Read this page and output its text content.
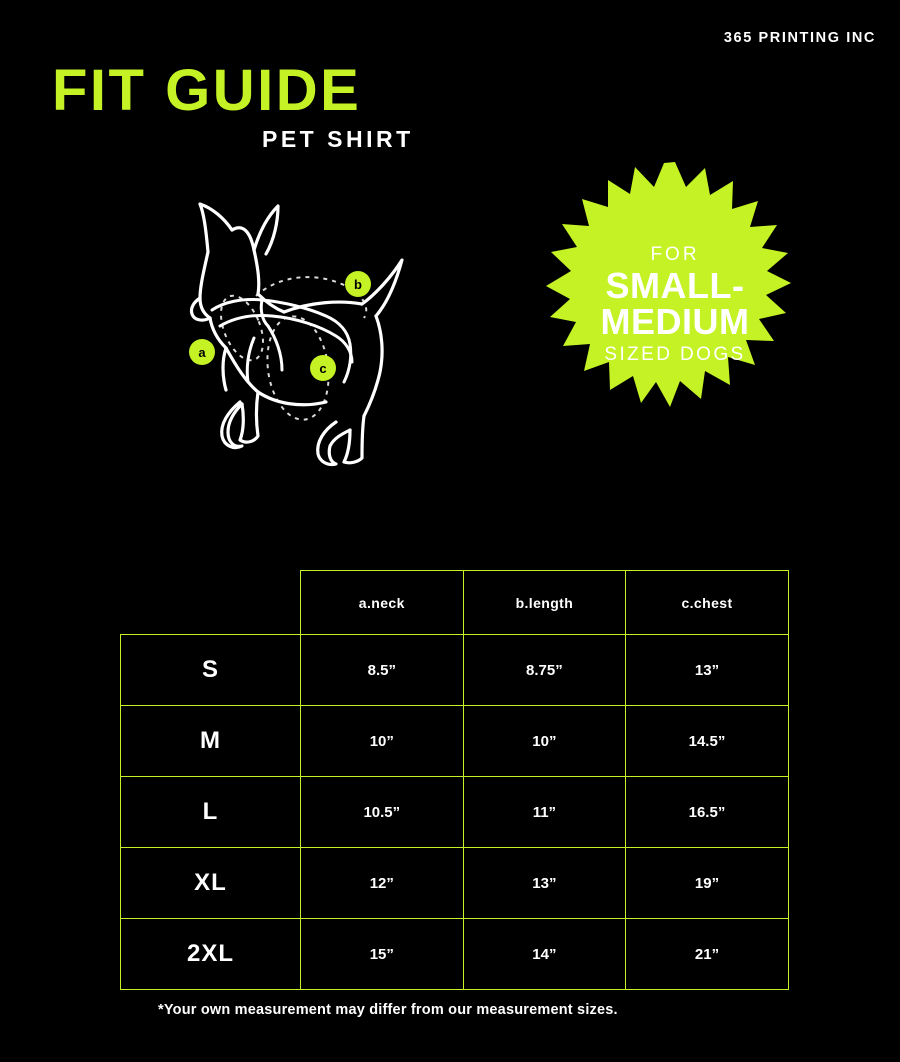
365 PRINTING INC
FIT GUIDE
PET SHIRT
a
b
c
FOR
SMALL-
MEDIUM
SIZED DOGS
	a.neck	b.length	c.chest
S	8.5”	8.75”	13”
M	10”	10”	14.5”
L	10.5”	11”	16.5”
XL	12”	13”	19”
2XL	15”	14”	21”
*Your own measurement may differ from our measurement sizes.
